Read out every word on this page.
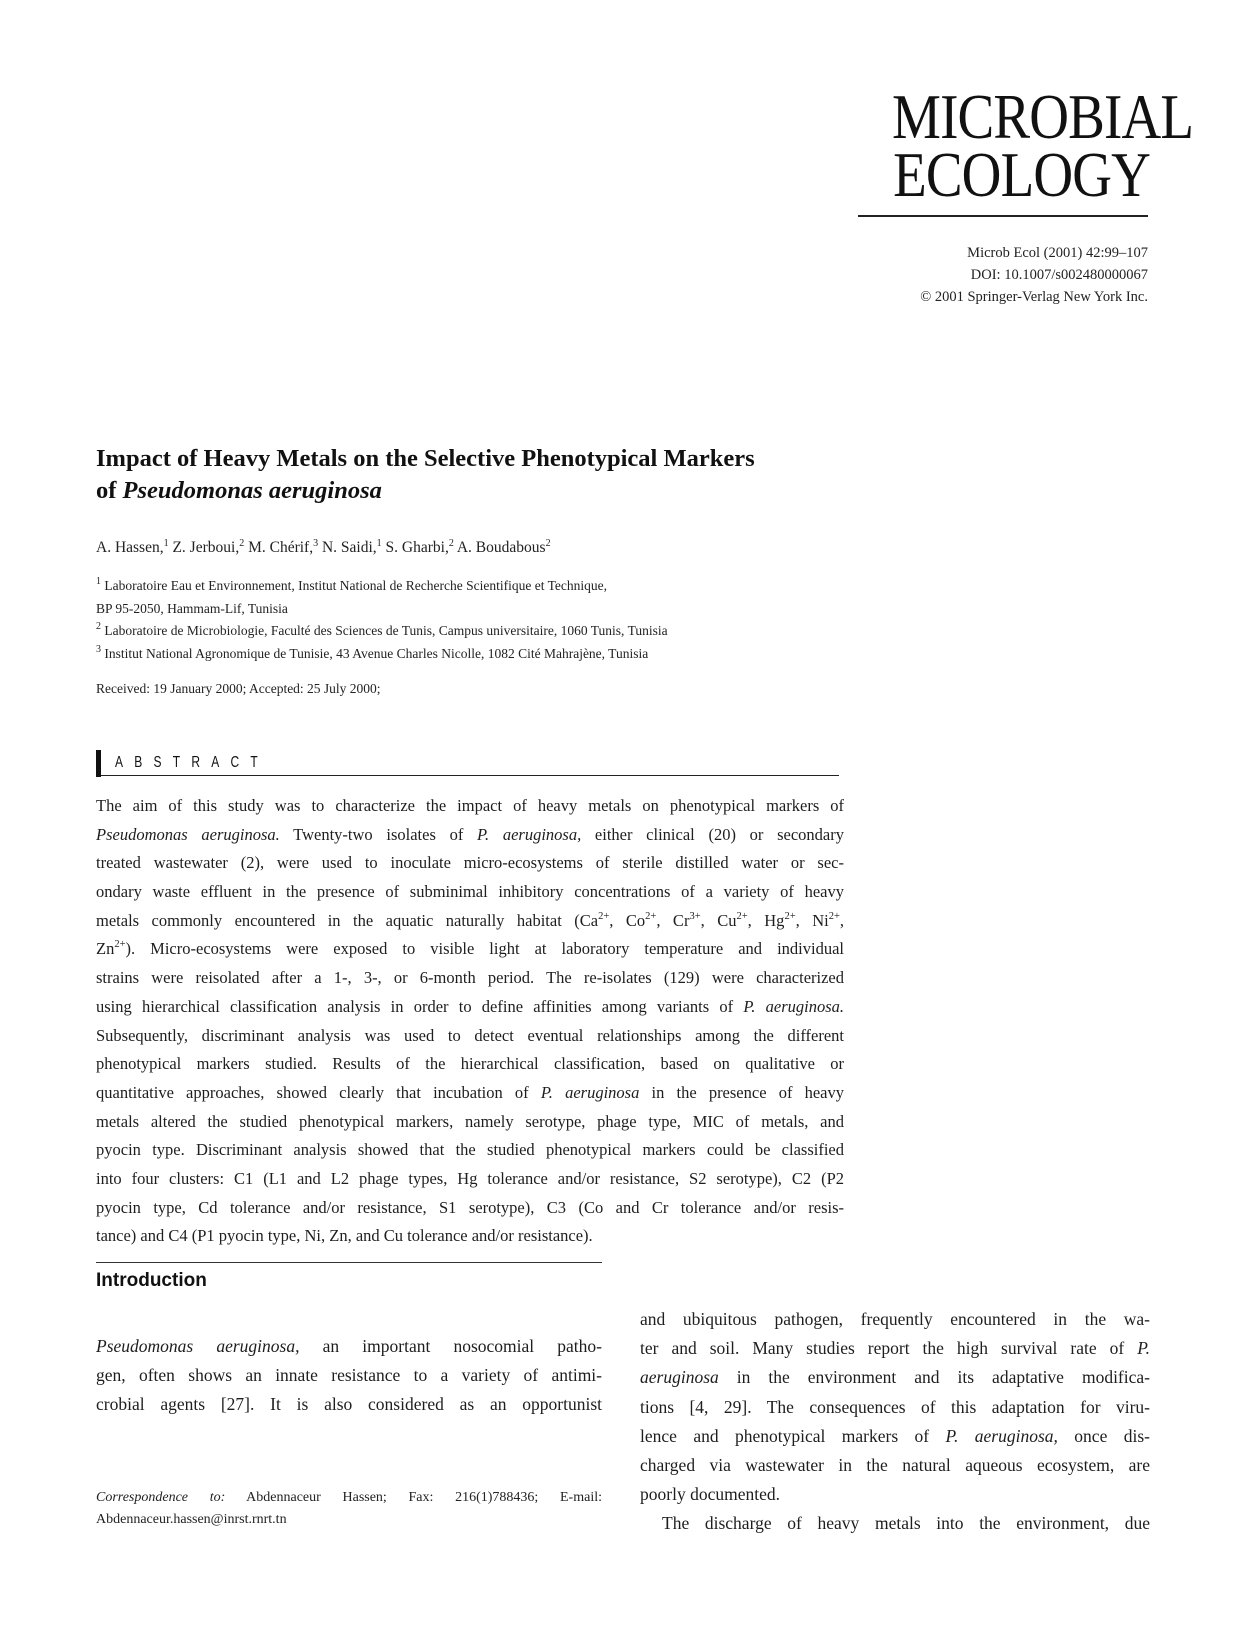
MICROBIAL
ECOLOGY
Microb Ecol (2001) 42:99–107
DOI: 10.1007/s002480000067
© 2001 Springer-Verlag New York Inc.
Impact of Heavy Metals on the Selective Phenotypical Markers
of Pseudomonas aeruginosa
A. Hassen,$^1$ Z. Jerbouі,$^2$ M. Chérif,$^3$ N. Saidi,$^1$ S. Gharbi,$^2$ A. Boudabous$^2$
$^1$ Laboratoire Eau et Environnement, Institut National de Recherche Scientifique et Technique,
BP 95-2050, Hammam-Lif, Tunisia
$^2$ Laboratoire de Microbiologie, Faculté des Sciences de Tunis, Campus universitaire, 1060 Tunis, Tunisia
$^3$ Institut National Agronomique de Tunisie, 43 Avenue Charles Nicolle, 1082 Cité Mahrajène, Tunisia
Received: 19 January 2000; Accepted: 25 July 2000;
ABSTRACT
The aim of this study was to characterize the impact of heavy metals on phenotypical markers of
Pseudomonas aeruginosa. Twenty-two isolates of P. aeruginosa, either clinical (20) or secondary
treated wastewater (2), were used to inoculate micro-ecosystems of sterile distilled water or sec-
ondary waste effluent in the presence of subminimal inhibitory concentrations of a variety of heavy
metals commonly encountered in the aquatic naturally habitat ($Ca^{2+}$, $Co^{2+}$, $Cr^{3+}$, $Cu^{2+}$, $Hg^{2+}$, $Ni^{2+}$,
$Zn^{2+}$). Micro-ecosystems were exposed to visible light at laboratory temperature and individual
strains were reisolated after a 1-, 3-, or 6-month period. The re-isolates (129) were characterized
using hierarchical classification analysis in order to define affinities among variants of P. aeruginosa.
Subsequently, discriminant analysis was used to detect eventual relationships among the different
phenotypical markers studied. Results of the hierarchical classification, based on qualitative or
quantitative approaches, showed clearly that incubation of P. aeruginosa in the presence of heavy
metals altered the studied phenotypical markers, namely serotype, phage type, MIC of metals, and
pyocin type. Discriminant analysis showed that the studied phenotypical markers could be classified
into four clusters: C1 (L1 and L2 phage types, Hg tolerance and/or resistance, S2 serotype), C2 (P2
pyocin type, Cd tolerance and/or resistance, S1 serotype), C3 (Co and Cr tolerance and/or resis-
tance) and C4 (P1 pyocin type, Ni, Zn, and Cu tolerance and/or resistance).
Introduction
Pseudomonas aeruginosa, an important nosocomial patho-
gen, often shows an innate resistance to a variety of antimi-
crobial agents [27]. It is also considered as an opportunist
Correspondence to: Abdennaceur Hassen; Fax: 216(1)788436; E-mail:
Abdennaceur.hassen@inrst.rnrt.tn
and ubiquitous pathogen, frequently encountered in the wa-
ter and soil. Many studies report the high survival rate of P.
aeruginosa in the environment and its adaptative modifica-
tions [4, 29]. The consequences of this adaptation for viru-
lence and phenotypical markers of P. aeruginosa, once dis-
charged via wastewater in the natural aqueous ecosystem, are
poorly documented.
The discharge of heavy metals into the environment, due
